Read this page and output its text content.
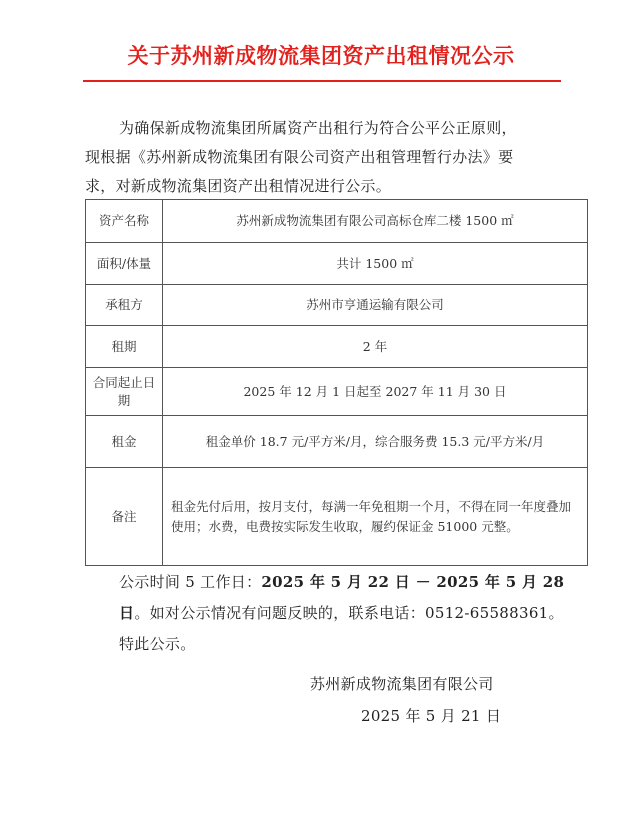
关于苏州新成物流集团资产出租情况公示
为确保新成物流集团所属资产出租行为符合公平公正原则，
现根据《苏州新成物流集团有限公司资产出租管理暂行办法》要
求，对新成物流集团资产出租情况进行公示。
资产名称	苏州新成物流集团有限公司高标仓库二楼 1500 ㎡
面积/体量	共计 1500 ㎡
承租方	苏州市亨通运输有限公司
租期	2 年
合同起止日期	2025 年 12 月 1 日起至 2027 年 11 月 30 日
租金	租金单价 18.7 元/平方米/月，综合服务费 15.3 元/平方米/月
备注	租金先付后用，按月支付，每满一年免租期一个月，不得在同一年度叠加使用；水费，电费按实际发生收取，履约保证金 51000 元整。
公示时间 5 工作日：2025 年 5 月 22 日 － 2025 年 5 月 28 日。如对公示情况有问题反映的，联系电话：0512-65588361。
特此公示。
苏州新成物流集团有限公司
2025 年 5 月 21 日
